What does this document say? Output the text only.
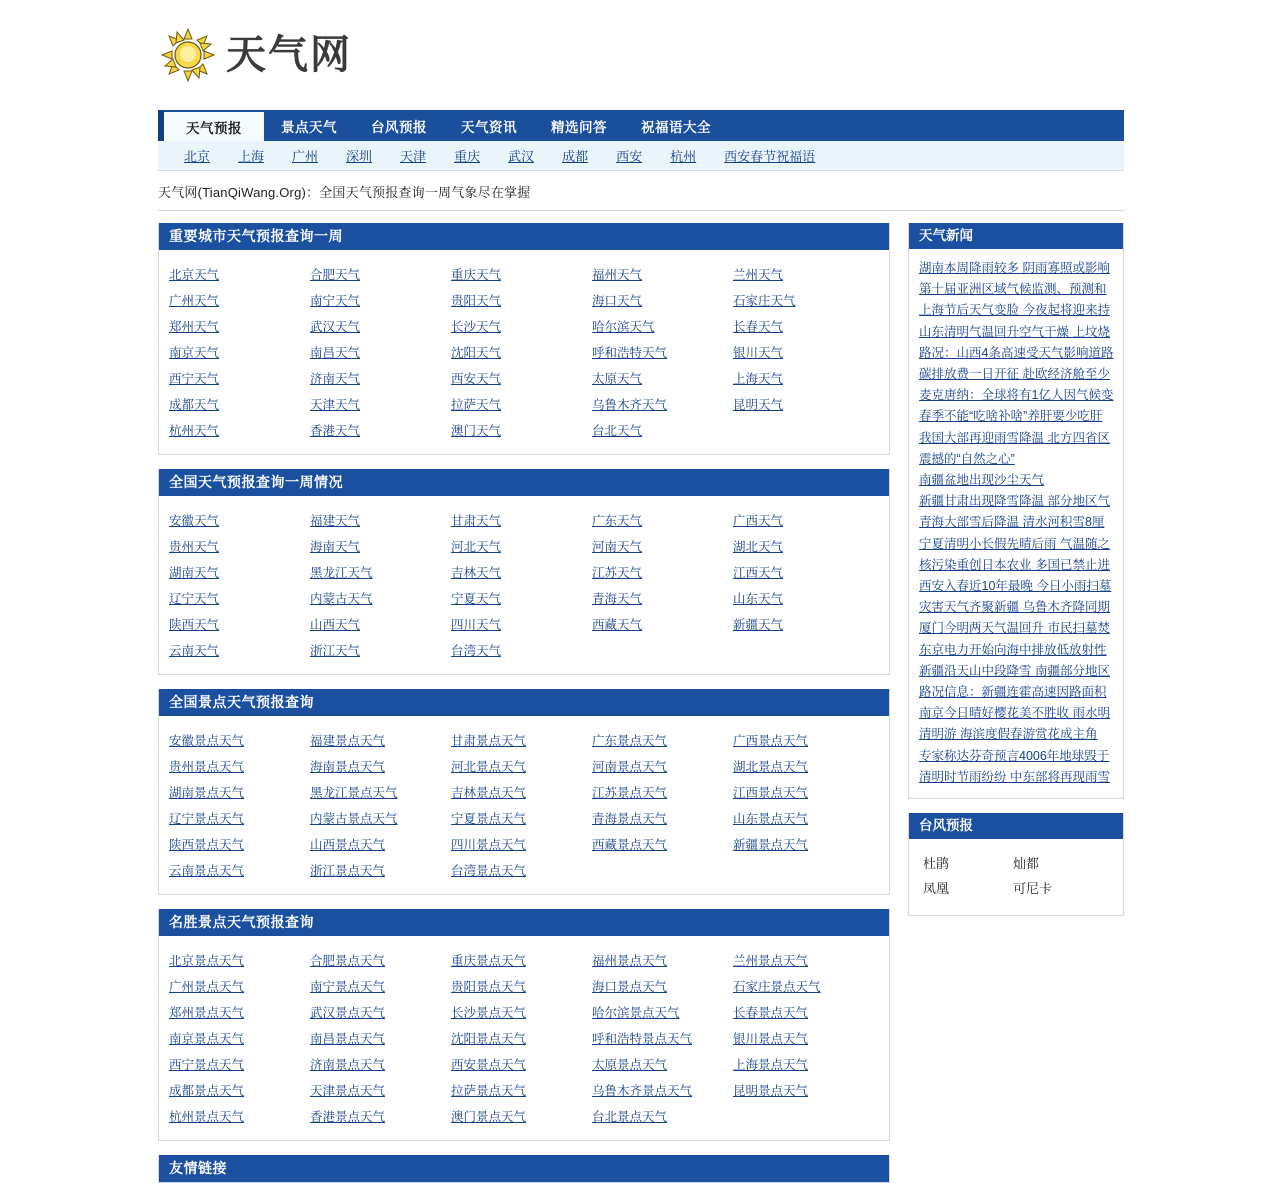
天气网
天气预报	景点天气	台风预报	天气资讯	精选问答	祝福语大全
北京	上海	广州	深圳	天津	重庆	武汉	成都	西安	杭州	西安春节祝福语
天气网(TianQiWang.Org)：全国天气预报查询一周气象尽在掌握
重要城市天气预报查询一周
北京天气	合肥天气	重庆天气	福州天气	兰州天气
广州天气	南宁天气	贵阳天气	海口天气	石家庄天气
郑州天气	武汉天气	长沙天气	哈尔滨天气	长春天气
南京天气	南昌天气	沈阳天气	呼和浩特天气	银川天气
西宁天气	济南天气	西安天气	太原天气	上海天气
成都天气	天津天气	拉萨天气	乌鲁木齐天气	昆明天气
杭州天气	香港天气	澳门天气	台北天气
全国天气预报查询一周情况
安徽天气	福建天气	甘肃天气	广东天气	广西天气
贵州天气	海南天气	河北天气	河南天气	湖北天气
湖南天气	黑龙江天气	吉林天气	江苏天气	江西天气
辽宁天气	内蒙古天气	宁夏天气	青海天气	山东天气
陕西天气	山西天气	四川天气	西藏天气	新疆天气
云南天气	浙江天气	台湾天气
全国景点天气预报查询
安徽景点天气	福建景点天气	甘肃景点天气	广东景点天气	广西景点天气
贵州景点天气	海南景点天气	河北景点天气	河南景点天气	湖北景点天气
湖南景点天气	黑龙江景点天气	吉林景点天气	江苏景点天气	江西景点天气
辽宁景点天气	内蒙古景点天气	宁夏景点天气	青海景点天气	山东景点天气
陕西景点天气	山西景点天气	四川景点天气	西藏景点天气	新疆景点天气
云南景点天气	浙江景点天气	台湾景点天气
名胜景点天气预报查询
北京景点天气	合肥景点天气	重庆景点天气	福州景点天气	兰州景点天气
广州景点天气	南宁景点天气	贵阳景点天气	海口景点天气	石家庄景点天气
郑州景点天气	武汉景点天气	长沙景点天气	哈尔滨景点天气	长春景点天气
南京景点天气	南昌景点天气	沈阳景点天气	呼和浩特景点天气	银川景点天气
西宁景点天气	济南景点天气	西安景点天气	太原景点天气	上海景点天气
成都景点天气	天津景点天气	拉萨景点天气	乌鲁木齐景点天气	昆明景点天气
杭州景点天气	香港景点天气	澳门景点天气	台北景点天气
天气新闻
湖南本周降雨较多 阴雨寡照或影响
第十届亚洲区域气候监测、预测和
上海节后天气变脸 今夜起将迎来持
山东清明气温回升空气干燥 上坟烧
路况：山西4条高速受天气影响道路
碳排放费一日开征 赴欧经济舱至少
麦克唐纳：全球将有1亿人因气候变
春季不能“吃啥补啥”养肝要少吃肝
我国大部再迎雨雪降温 北方四省区
震撼的“自然之心”
南疆盆地出现沙尘天气
新疆甘肃出现降雪降温 部分地区气
青海大部雪后降温 清水河积雪8厘
宁夏清明小长假先晴后雨 气温随之
核污染重创日本农业 多国已禁止进
西安入春近10年最晚 今日小雨扫墓
灾害天气齐聚新疆 乌鲁木齐降同期
厦门今明两天气温回升 市民扫墓焚
东京电力开始向海中排放低放射性
新疆沿天山中段降雪 南疆部分地区
路况信息：新疆连霍高速因路面积
南京今日晴好樱花美不胜收 雨水明
清明游 海滨度假春游赏花成主角
专家称达芬奇预言4006年地球毁于
清明时节雨纷纷 中东部将再现雨雪
台风预报
杜鹃	灿都
凤凰	可尼卡
友情链接
